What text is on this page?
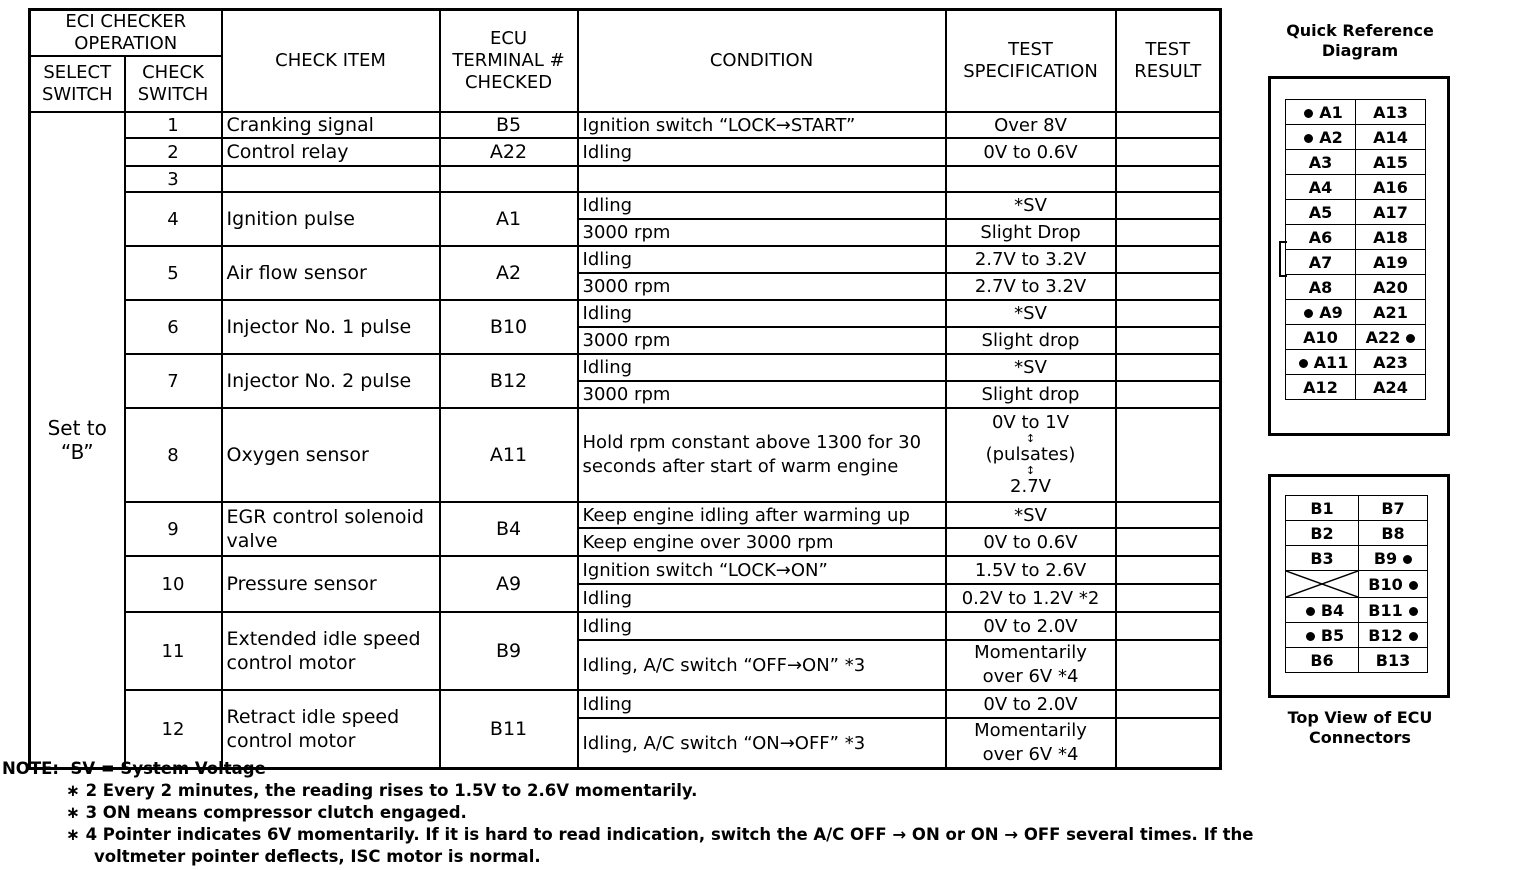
ECI CHECKER OPERATION		CHECK ITEM	ECU TERMINAL # CHECKED	CONDITION	TEST SPECIFICATION	TEST RESULT
SELECT SWITCH	CHECK SWITCH					
Set to “B”	1	Cranking signal	B5	Ignition switch “LOCK→START”	Over 8V	
	2	Control relay	A22	Idling	0V to 0.6V	
	3					
	4	Ignition pulse	A1	Idling	*SV	
				3000 rpm	Slight Drop	
	5	Air flow sensor	A2	Idling	2.7V to 3.2V	
				3000 rpm	2.7V to 3.2V	
	6	Injector No. 1 pulse	B10	Idling	*SV	
				3000 rpm	Slight drop	
	7	Injector No. 2 pulse	B12	Idling	*SV	
				3000 rpm	Slight drop	
	8	Oxygen sensor	A11	Hold rpm constant above 1300 for 30 seconds after start of warm engine	0V to 1V
↕
(pulsates)
↕
2.7V	

	9	EGR control solenoid valve	B4	Keep engine idling after warming up	*SV	
				Keep engine over 3000 rpm	0V to 0.6V	
	10	Pressure sensor	A9	Ignition switch “LOCK→ON”	1.5V to 2.6V	
				Idling	0.2V to 1.2V *2	
	11	Extended idle speed control motor	B9	Idling	0V to 2.0V	
				Idling, A/C switch “OFF→ON” *3	Momentarily over 6V *4	
	12	Retract idle speed control motor	B11	Idling	0V to 2.0V	
				Idling, A/C switch “ON→OFF” *3	Momentarily over 6V *4	
NOTE: SV = System Voltage
∗ 2 Every 2 minutes, the reading rises to 1.5V to 2.6V momentarily.
∗ 3 ON means compressor clutch engaged.
∗ 4 Pointer indicates 6V momentarily. If it is hard to read indication, switch the A/C OFF → ON or ON → OFF several times. If the
voltmeter pointer deflects, ISC motor is normal.
Quick Reference Diagram
A1	A13
A2	A14
A3	A15
A4	A16
A5	A17
A6	A18
A7	A19
A8	A20
A9	A21
A10	A22
A11	A23
A12	A24
B1	B7
B2	B8
B3	B9

	B10
B4	B11
B5	B12
B6	B13
Top View of ECU Connectors
